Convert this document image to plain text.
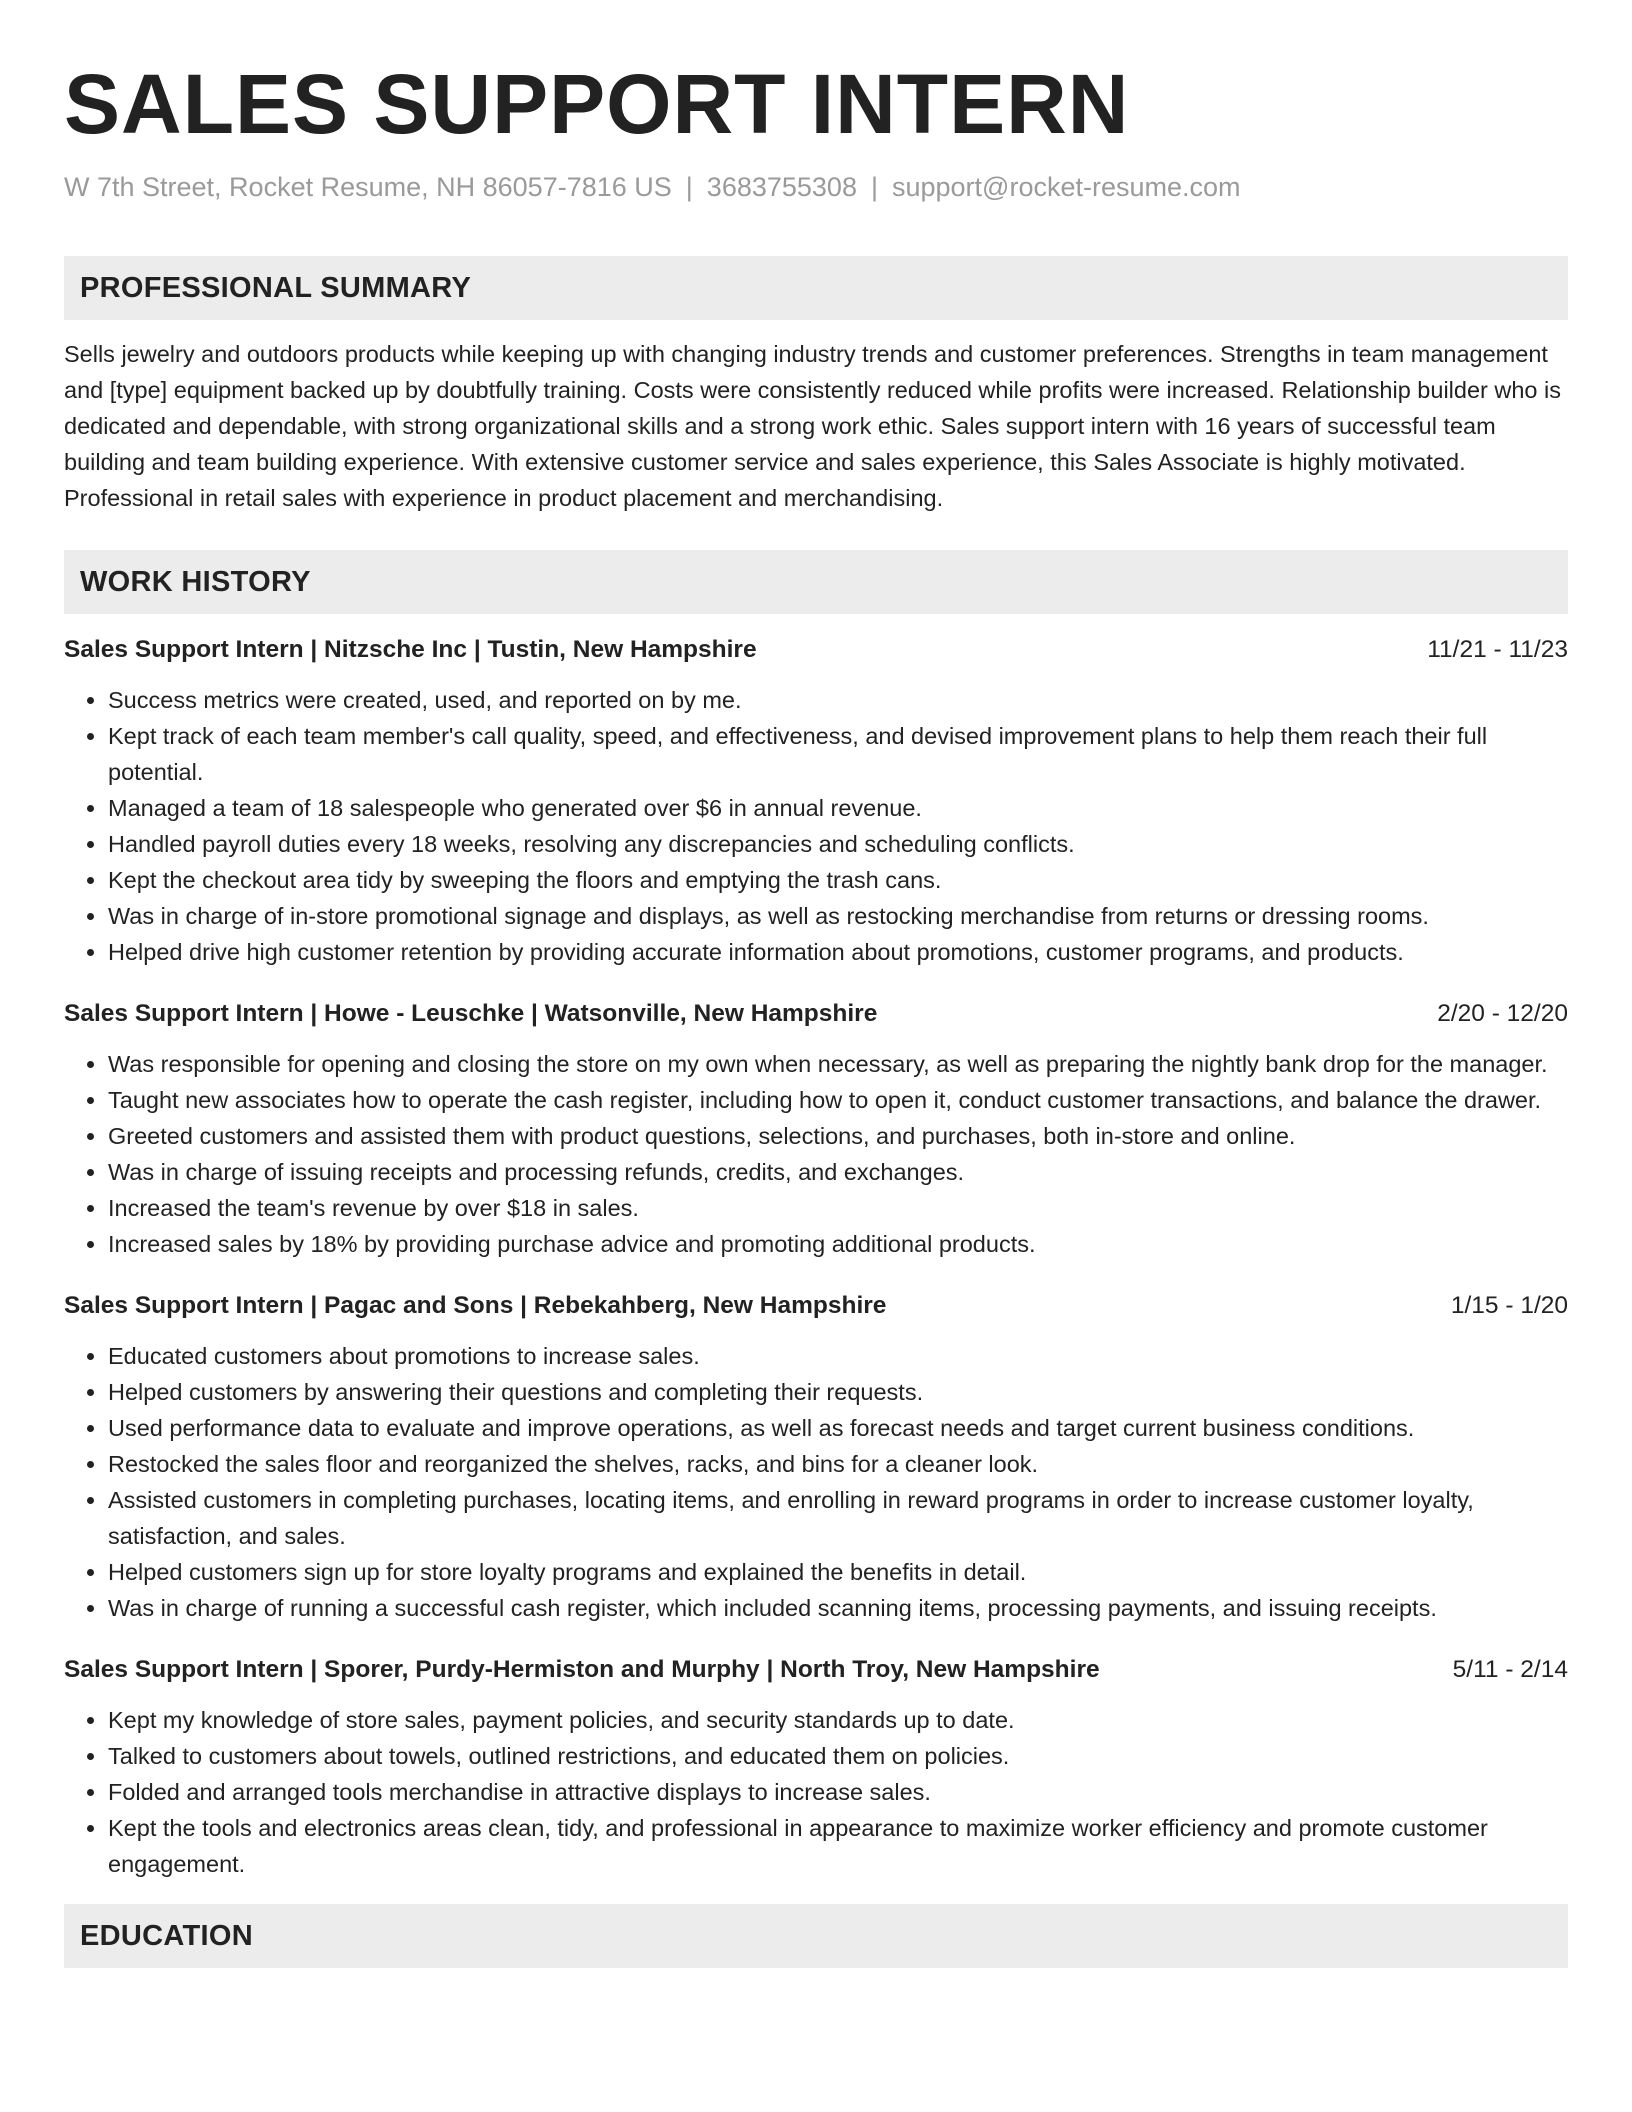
SALES SUPPORT INTERN
W 7th Street, Rocket Resume, NH 86057-7816 US | 3683755308 | support@rocket-resume.com
PROFESSIONAL SUMMARY
Sells jewelry and outdoors products while keeping up with changing industry trends and customer preferences. Strengths in team management and [type] equipment backed up by doubtfully training. Costs were consistently reduced while profits were increased. Relationship builder who is dedicated and dependable, with strong organizational skills and a strong work ethic. Sales support intern with 16 years of successful team building and team building experience. With extensive customer service and sales experience, this Sales Associate is highly motivated. Professional in retail sales with experience in product placement and merchandising.
WORK HISTORY
Sales Support Intern | Nitzsche Inc | Tustin, New Hampshire	11/21 - 11/23
• Success metrics were created, used, and reported on by me.
• Kept track of each team member's call quality, speed, and effectiveness, and devised improvement plans to help them reach their full potential.
• Managed a team of 18 salespeople who generated over $6 in annual revenue.
• Handled payroll duties every 18 weeks, resolving any discrepancies and scheduling conflicts.
• Kept the checkout area tidy by sweeping the floors and emptying the trash cans.
• Was in charge of in-store promotional signage and displays, as well as restocking merchandise from returns or dressing rooms.
• Helped drive high customer retention by providing accurate information about promotions, customer programs, and products.
Sales Support Intern | Howe - Leuschke | Watsonville, New Hampshire	2/20 - 12/20
• Was responsible for opening and closing the store on my own when necessary, as well as preparing the nightly bank drop for the manager.
• Taught new associates how to operate the cash register, including how to open it, conduct customer transactions, and balance the drawer.
• Greeted customers and assisted them with product questions, selections, and purchases, both in-store and online.
• Was in charge of issuing receipts and processing refunds, credits, and exchanges.
• Increased the team's revenue by over $18 in sales.
• Increased sales by 18% by providing purchase advice and promoting additional products.
Sales Support Intern | Pagac and Sons | Rebekahberg, New Hampshire	1/15 - 1/20
• Educated customers about promotions to increase sales.
• Helped customers by answering their questions and completing their requests.
• Used performance data to evaluate and improve operations, as well as forecast needs and target current business conditions.
• Restocked the sales floor and reorganized the shelves, racks, and bins for a cleaner look.
• Assisted customers in completing purchases, locating items, and enrolling in reward programs in order to increase customer loyalty, satisfaction, and sales.
• Helped customers sign up for store loyalty programs and explained the benefits in detail.
• Was in charge of running a successful cash register, which included scanning items, processing payments, and issuing receipts.
Sales Support Intern | Sporer, Purdy-Hermiston and Murphy | North Troy, New Hampshire	5/11 - 2/14
• Kept my knowledge of store sales, payment policies, and security standards up to date.
• Talked to customers about towels, outlined restrictions, and educated them on policies.
• Folded and arranged tools merchandise in attractive displays to increase sales.
• Kept the tools and electronics areas clean, tidy, and professional in appearance to maximize worker efficiency and promote customer engagement.
EDUCATION
